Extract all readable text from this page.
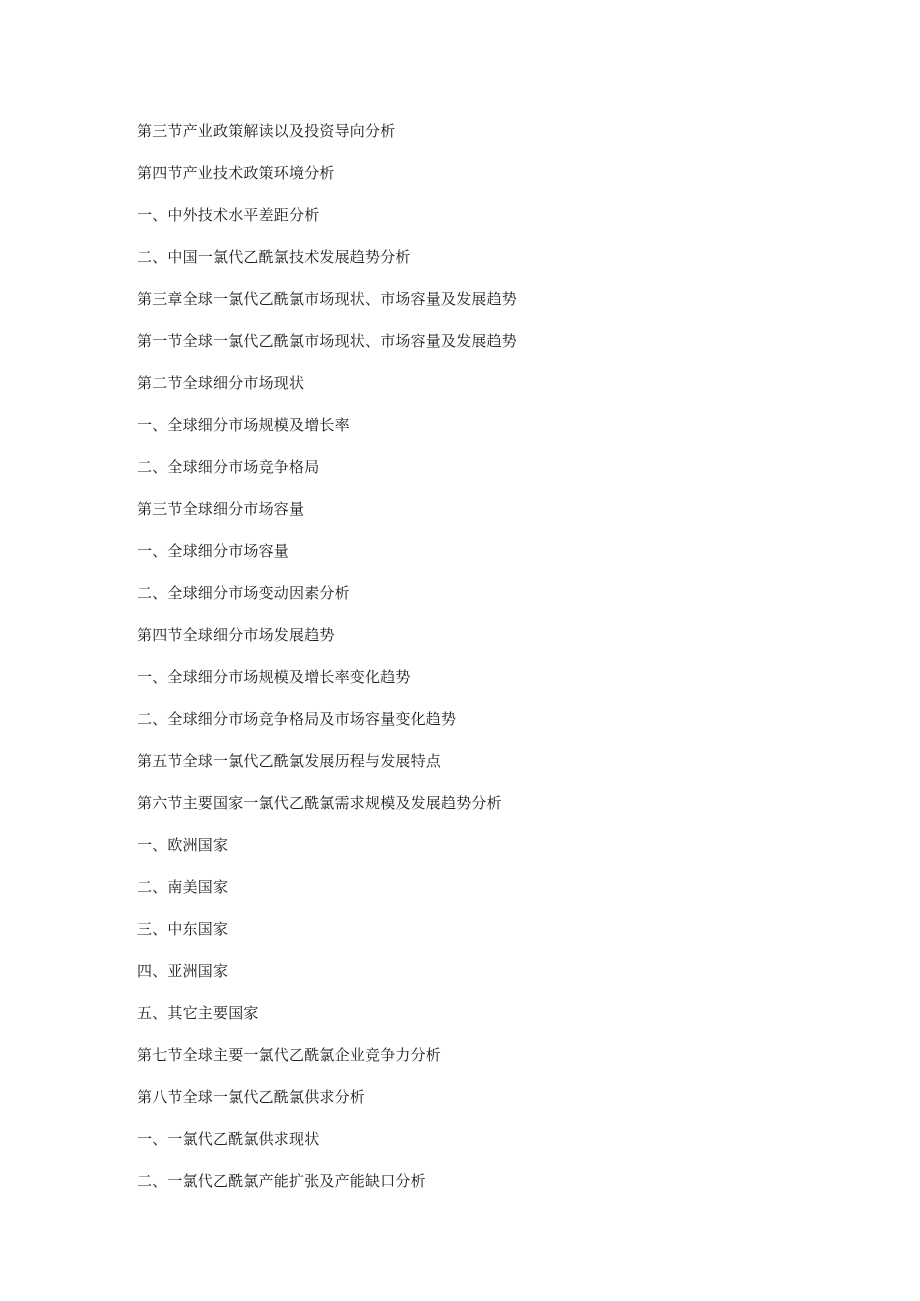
第三节产业政策解读以及投资导向分析
第四节产业技术政策环境分析
一、中外技术水平差距分析
二、中国一氯代乙酰氯技术发展趋势分析
第三章全球一氯代乙酰氯市场现状、市场容量及发展趋势
第一节全球一氯代乙酰氯市场现状、市场容量及发展趋势
第二节全球细分市场现状
一、全球细分市场规模及增长率
二、全球细分市场竞争格局
第三节全球细分市场容量
一、全球细分市场容量
二、全球细分市场变动因素分析
第四节全球细分市场发展趋势
一、全球细分市场规模及增长率变化趋势
二、全球细分市场竞争格局及市场容量变化趋势
第五节全球一氯代乙酰氯发展历程与发展特点
第六节主要国家一氯代乙酰氯需求规模及发展趋势分析
一、欧洲国家
二、南美国家
三、中东国家
四、亚洲国家
五、其它主要国家
第七节全球主要一氯代乙酰氯企业竞争力分析
第八节全球一氯代乙酰氯供求分析
一、一氯代乙酰氯供求现状
二、一氯代乙酰氯产能扩张及产能缺口分析
